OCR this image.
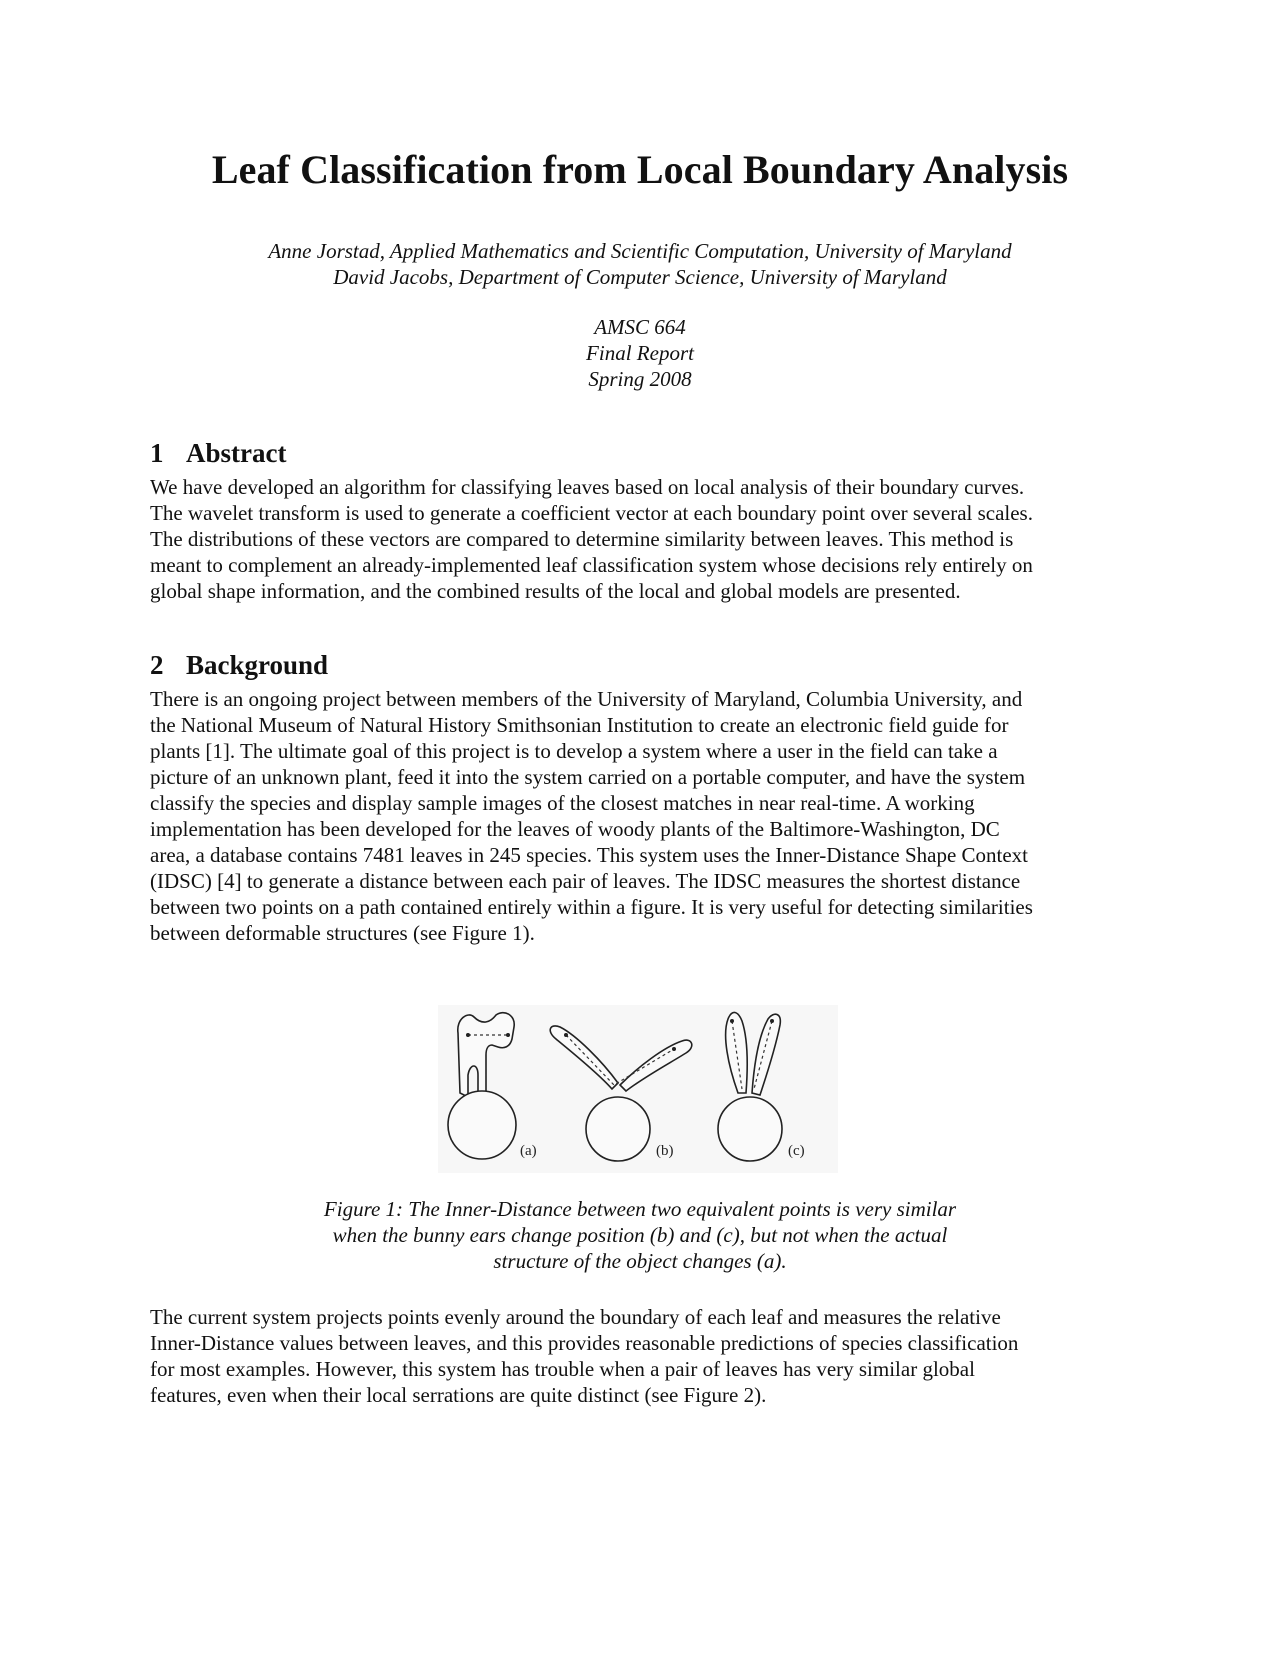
Leaf Classification from Local Boundary Analysis
Anne Jorstad, Applied Mathematics and Scientific Computation, University of Maryland
David Jacobs, Department of Computer Science, University of Maryland
AMSC 664
Final Report
Spring 2008
1 Abstract

We have developed an algorithm for classifying leaves based on local analysis of their boundary curves.
The wavelet transform is used to generate a coefficient vector at each boundary point over several scales.
The distributions of these vectors are compared to determine similarity between leaves. This method is
meant to complement an already-implemented leaf classification system whose decisions rely entirely on
global shape information, and the combined results of the local and global models are presented.

2 Background

There is an ongoing project between members of the University of Maryland, Columbia University, and
the National Museum of Natural History Smithsonian Institution to create an electronic field guide for
plants [1]. The ultimate goal of this project is to develop a system where a user in the field can take a
picture of an unknown plant, feed it into the system carried on a portable computer, and have the system
classify the species and display sample images of the closest matches in near real-time. A working
implementation has been developed for the leaves of woody plants of the Baltimore-Washington, DC
area, a database contains 7481 leaves in 245 species. This system uses the Inner-Distance Shape Context
(IDSC) [4] to generate a distance between each pair of leaves. The IDSC measures the shortest distance
between two points on a path contained entirely within a figure. It is very useful for detecting similarities
between deformable structures (see Figure 1).

(a)	(b)	(c)
Figure 1: The Inner-Distance between two equivalent points is very similar
when the bunny ears change position (b) and (c), but not when the actual
structure of the object changes (a).

The current system projects points evenly around the boundary of each leaf and measures the relative
Inner-Distance values between leaves, and this provides reasonable predictions of species classification
for most examples. However, this system has trouble when a pair of leaves has very similar global
features, even when their local serrations are quite distinct (see Figure 2).
